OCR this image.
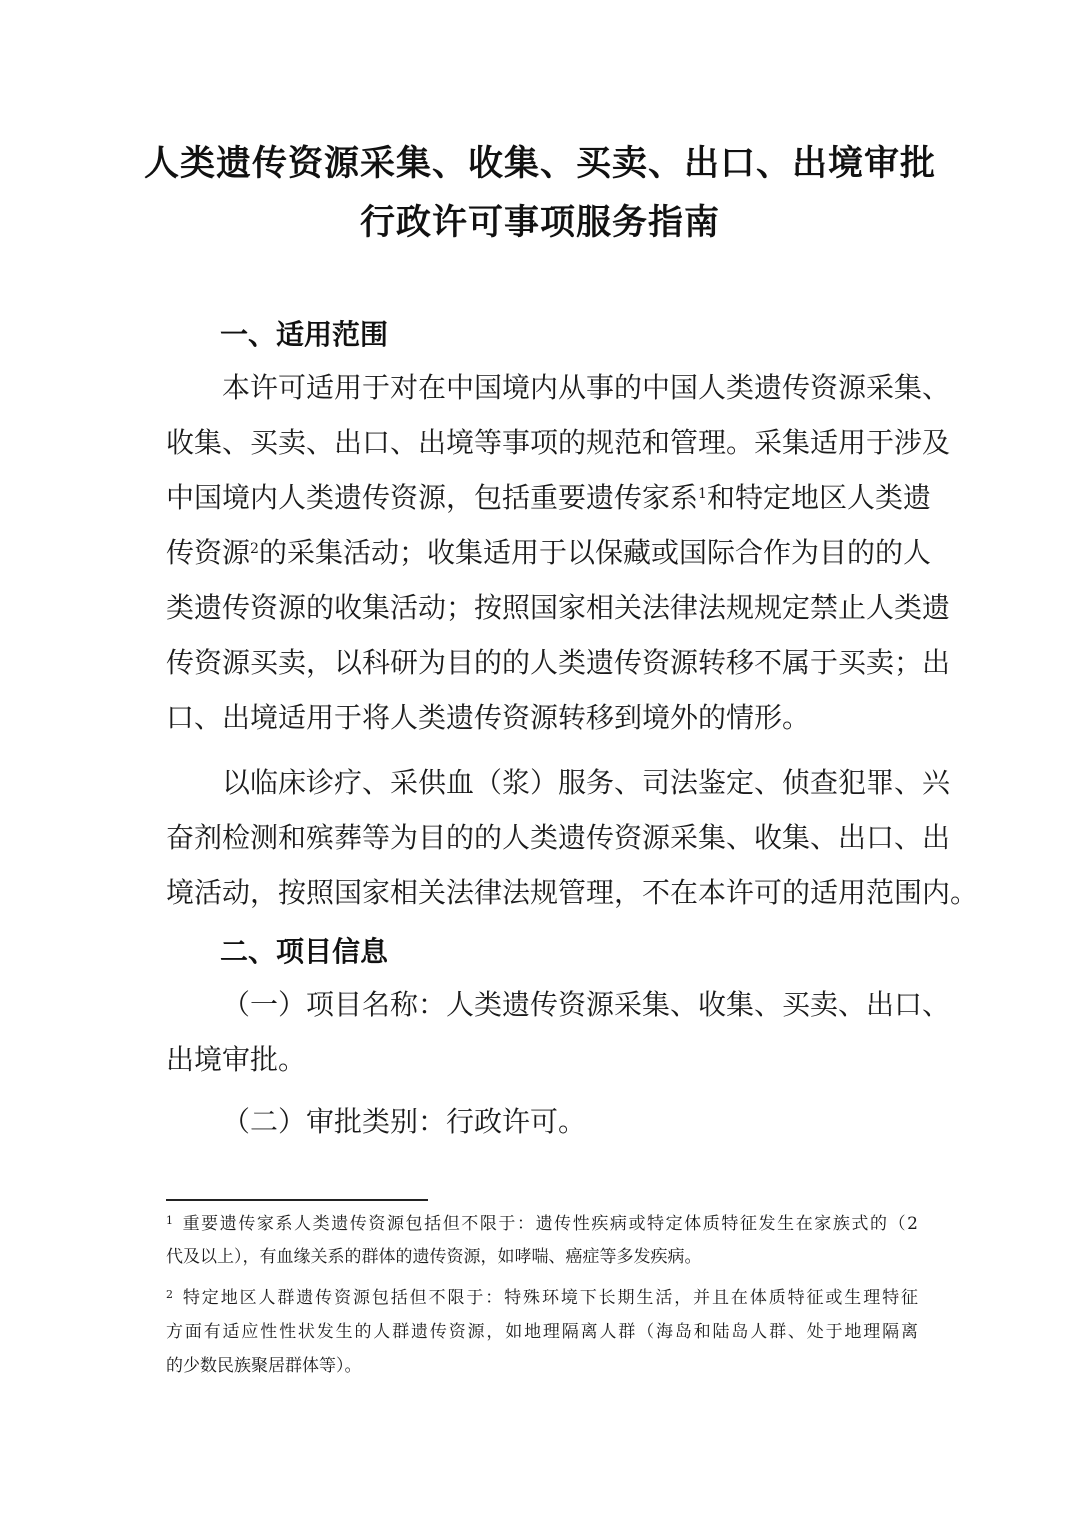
人类遗传资源采集、收集、买卖、出口、出境审批
行政许可事项服务指南
一、适用范围
本许可适用于对在中国境内从事的中国人类遗传资源采集、
收集、买卖、出口、出境等事项的规范和管理。采集适用于涉及
中国境内人类遗传资源，包括重要遗传家系$^1$和特定地区人类遗
传资源$^2$的采集活动；收集适用于以保藏或国际合作为目的的人
类遗传资源的收集活动；按照国家相关法律法规规定禁止人类遗
传资源买卖，以科研为目的的人类遗传资源转移不属于买卖；出
口、出境适用于将人类遗传资源转移到境外的情形。
以临床诊疗、采供血（浆）服务、司法鉴定、侦查犯罪、兴
奋剂检测和殡葬等为目的的人类遗传资源采集、收集、出口、出
境活动，按照国家相关法律法规管理，不在本许可的适用范围内。
二、项目信息
（一）项目名称：人类遗传资源采集、收集、买卖、出口、
出境审批。
（二）审批类别：行政许可。
$^1$ 重要遗传家系人类遗传资源包括但不限于：遗传性疾病或特定体质特征发生在家族式的（2
代及以上），有血缘关系的群体的遗传资源，如哮喘、癌症等多发疾病。
$^2$ 特定地区人群遗传资源包括但不限于：特殊环境下长期生活，并且在体质特征或生理特征
方面有适应性性状发生的人群遗传资源，如地理隔离人群（海岛和陆岛人群、处于地理隔离
的少数民族聚居群体等）。
